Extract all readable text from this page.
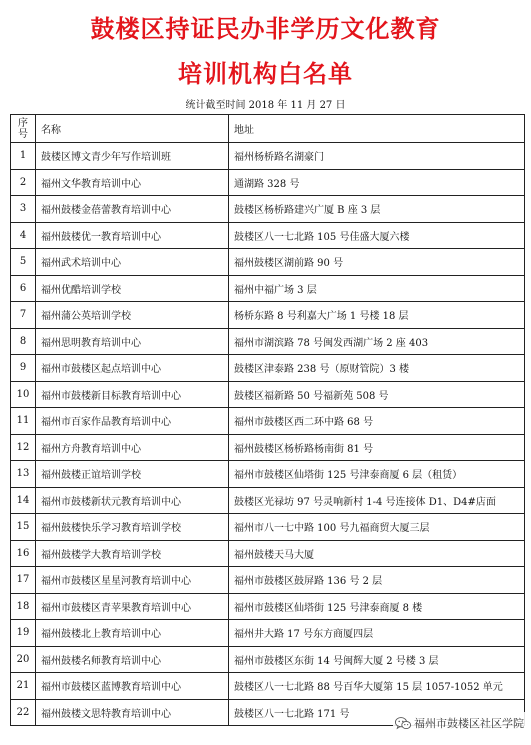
鼓楼区持证民办非学历文化教育
培训机构白名单
统计截至时间 2018 年 11 月 27 日
序
号	名称	地址
1	鼓楼区博文青少年写作培训班	福州杨桥路名湖豪门
2	福州文华教育培训中心	通湖路 328 号
3	福州鼓楼金蓓蕾教育培训中心	鼓楼区杨桥路建兴广厦 B 座 3 层
4	福州鼓楼优一教育培训中心	鼓楼区八一七北路 105 号佳盛大厦六楼
5	福州武术培训中心	福州鼓楼区湖前路 90 号
6	福州优酷培训学校	福州中福广场 3 层
7	福州蒲公英培训学校	杨桥东路 8 号利嘉大广场 1 号楼 18 层
8	福州思明教育培训中心	福州市湖滨路 78 号闽发西湖广场 2 座 403
9	福州市鼓楼区起点培训中心	鼓楼区津泰路 238 号（原财管院）3 楼
10	福州市鼓楼新目标教育培训中心	鼓楼区福新路 50 号福新苑 508 号
11	福州市百家作品教育培训中心	福州市鼓楼区西二环中路 68 号
12	福州方舟教育培训中心	福州鼓楼区杨桥路杨南街 81 号
13	福州鼓楼正谊培训学校	福州市鼓楼区仙塔街 125 号津泰商厦 6 层（租赁）
14	福州市鼓楼新状元教育培训中心	鼓楼区光禄坊 97 号灵响新村 1-4 号连接体 D1、D4#店面
15	福州鼓楼快乐学习教育培训学校	福州市八一七中路 100 号九福商贸大厦三层
16	福州鼓楼学大教育培训学校	福州鼓楼天马大厦
17	福州市鼓楼区星星河教育培训中心	福州市鼓楼区鼓屏路 136 号 2 层
18	福州市鼓楼区青苹果教育培训中心	福州市鼓楼区仙塔街 125 号津泰商厦 8 楼
19	福州鼓楼北上教育培训中心	福州井大路 17 号东方商厦四层
20	福州鼓楼名师教育培训中心	福州市鼓楼区东街 14 号闽辉大厦 2 号楼 3 层
21	福州市鼓楼区蓝博教育培训中心	鼓楼区八一七北路 88 号百华大厦第 15 层 1057-1052 单元
22	福州鼓楼文思特教育培训中心	鼓楼区八一七北路 171 号
福州市鼓楼区社区学院
